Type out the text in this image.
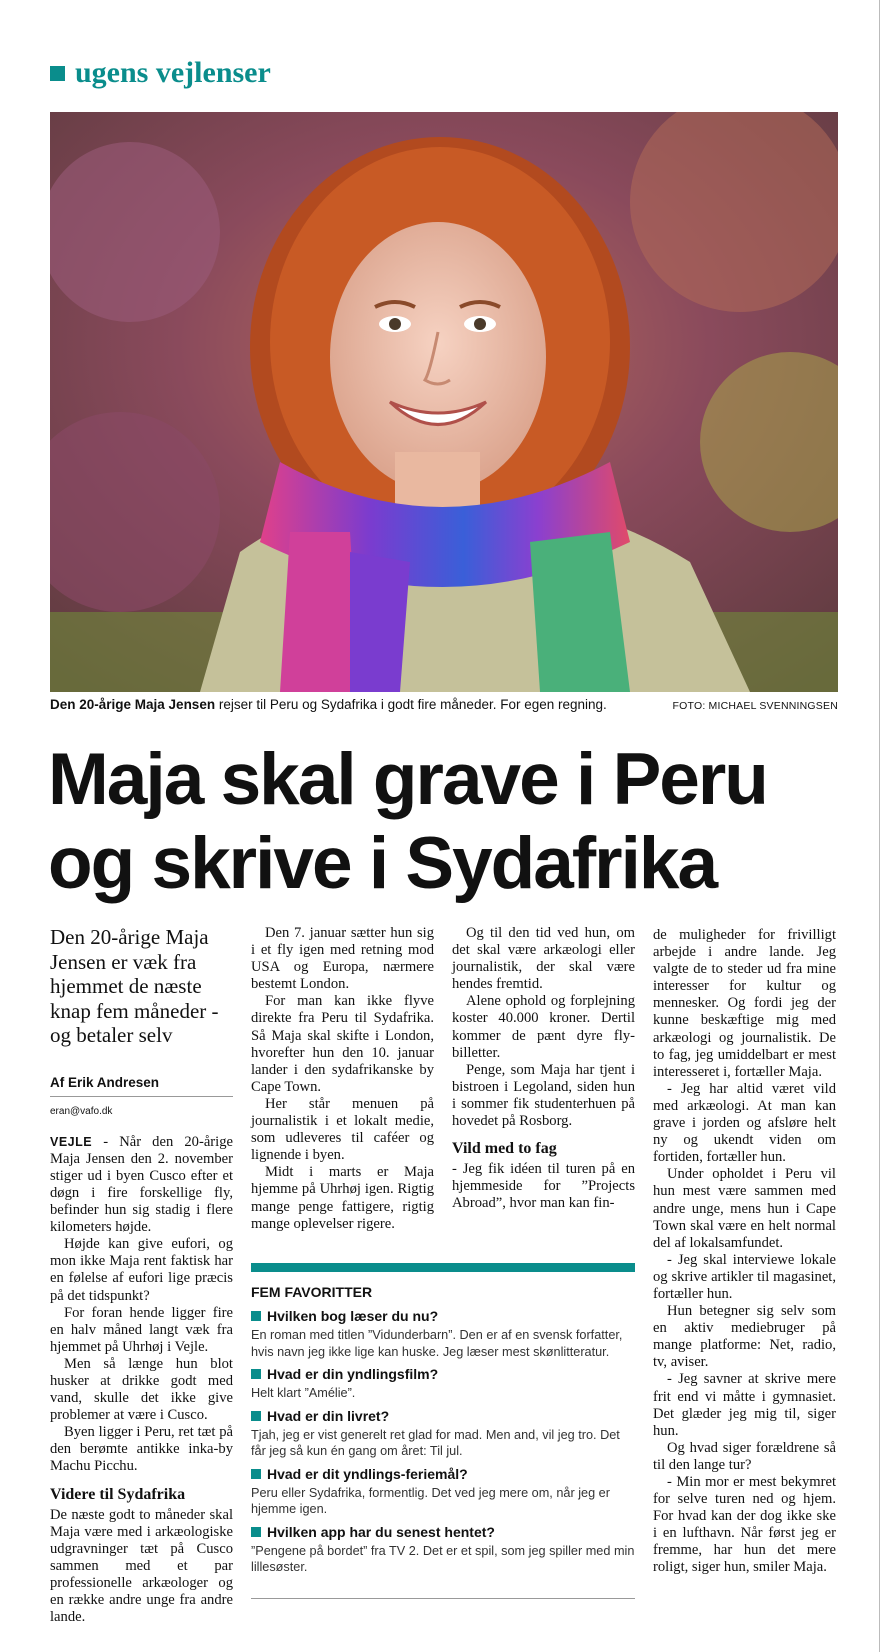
ugens vejlenser
Den 20-årige Maja Jensen rejser til Peru og Sydafrika i godt fire måneder. For egen regning.	FOTO: MICHAEL SVENNINGSEN
Maja skal grave i Peru
og skrive i Sydafrika
Den 20-årige Maja Jensen er væk fra hjemmet de næste knap fem måneder - og betaler selv
Af Erik Andresen
eran@vafo.dk

VEJLE - Når den 20-årige Maja Jensen den 2. november stiger ud i byen Cusco efter et døgn i fire forskellige fly, befinder hun sig stadig i flere kilometers højde.

Højde kan give eufori, og mon ikke Maja rent faktisk har en følelse af eufori lige præcis på det tidspunkt?

For foran hende ligger fire en halv måned langt væk fra hjemmet på Uhrhøj i Vejle.

Men så længe hun blot husker at drikke godt med vand, skulle det ikke give problemer at være i Cusco.

Byen ligger i Peru, ret tæt på den berømte antikke inka-by Machu Picchu.

Videre til Sydafrika

De næste godt to måneder skal Maja være med i arkæologiske udgravninger tæt på Cusco sammen med et par professionelle arkæologer og en række andre unge fra andre lande.

Den 7. januar sætter hun sig i et fly igen med retning mod USA og Europa, nærmere bestemt London.

For man kan ikke flyve direkte fra Peru til Sydafrika. Så Maja skal skifte i London, hvorefter hun den 10. januar lander i den sydafrikanske by Cape Town.

Her står menuen på journalistik i et lokalt medie, som udleveres til caféer og lignende i byen.

Midt i marts er Maja hjemme på Uhrhøj igen. Rigtig mange penge fattigere, rigtig mange oplevelser rigere.

Og til den tid ved hun, om det skal være arkæologi eller journalistik, der skal være hendes fremtid.

Alene ophold og forplejning koster 40.000 kroner. Dertil kommer de pænt dyre fly-billetter.

Penge, som Maja har tjent i bistroen i Legoland, siden hun i sommer fik studenterhuen på hovedet på Rosborg.

Vild med to fag

- Jeg fik idéen til turen på en hjemmeside for ”Projects Abroad”, hvor man kan fin-

de muligheder for frivilligt arbejde i andre lande. Jeg valgte de to steder ud fra mine interesser for kultur og mennesker. Og fordi jeg der kunne beskæftige mig med arkæologi og journalistik. De to fag, jeg umiddelbart er mest interesseret i, fortæller Maja.

- Jeg har altid været vild med arkæologi. At man kan grave i jorden og afsløre helt ny og ukendt viden om fortiden, fortæller hun.

Under opholdet i Peru vil hun mest være sammen med andre unge, mens hun i Cape Town skal være en helt normal del af lokalsamfundet.

- Jeg skal interviewe lokale og skrive artikler til magasinet, fortæller hun.

Hun betegner sig selv som en aktiv mediebruger på mange platforme: Net, radio, tv, aviser.

- Jeg savner at skrive mere frit end vi måtte i gymnasiet. Det glæder jeg mig til, siger hun.

Og hvad siger forældrene så til den lange tur?

- Min mor er mest bekymret for selve turen ned og hjem. For hvad kan der dog ikke ske i en lufthavn. Når først jeg er fremme, har hun det mere roligt, siger hun, smiler Maja.

FEM FAVORITTER
Hvilken bog læser du nu?
En roman med titlen ”Vidunderbarn”. Den er af en svensk forfatter, hvis navn jeg ikke lige kan huske. Jeg læser mest skønlitteratur.
Hvad er din yndlingsfilm?
Helt klart ”Amélie”.
Hvad er din livret?
Tjah, jeg er vist generelt ret glad for mad. Men and, vil jeg tro. Det får jeg så kun én gang om året: Til jul.
Hvad er dit yndlings-feriemål?
Peru eller Sydafrika, formentlig. Det ved jeg mere om, når jeg er hjemme igen.
Hvilken app har du senest hentet?
”Pengene på bordet” fra TV 2. Det er et spil, som jeg spiller med min lillesøster.
